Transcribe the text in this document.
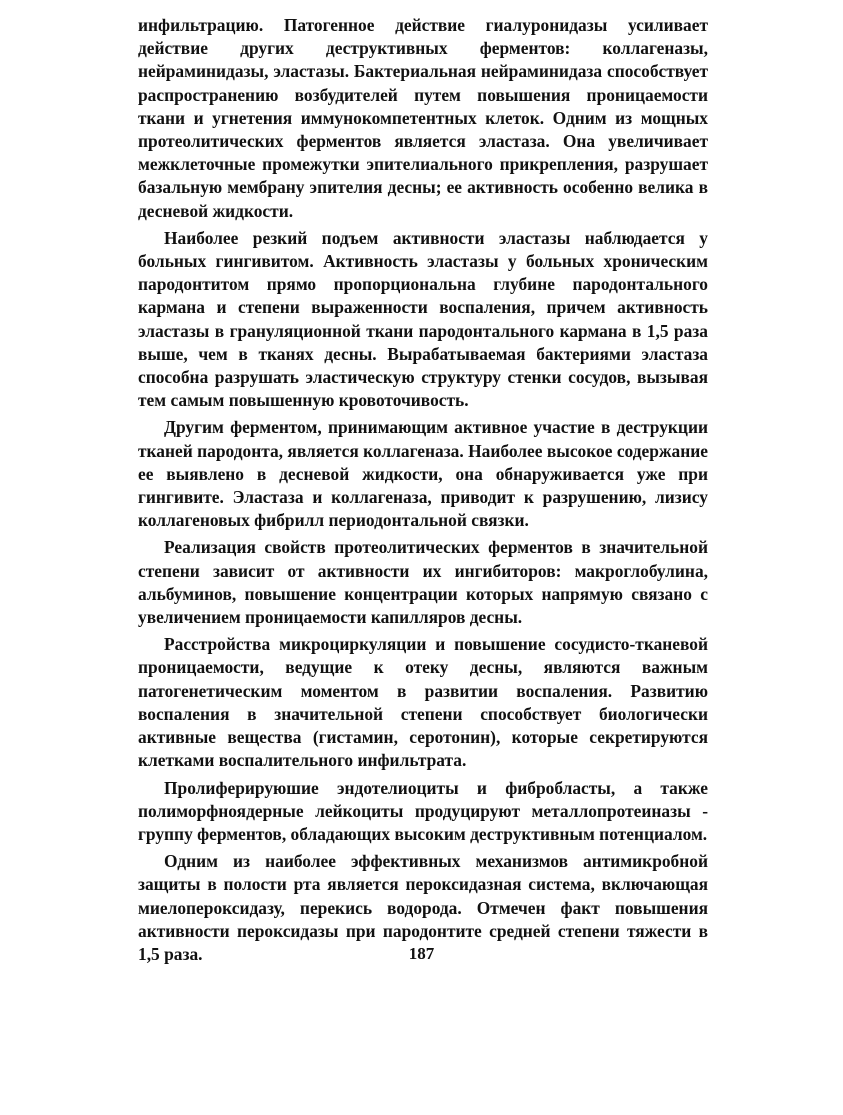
инфильтрацию. Патогенное действие гиалуронидазы усиливает действие других деструктивных ферментов: коллагеназы, нейраминидазы, эластазы. Бактериальная нейраминидаза способствует распространению возбудителей путем повышения проницаемости ткани и угнетения иммунокомпетентных клеток. Одним из мощных протеолитических ферментов является эластаза. Она увеличивает межклеточные промежутки эпителиального прикрепления, разрушает базальную мембрану эпителия десны; ее активность особенно велика в десневой жидкости.

Наиболее резкий подъем активности эластазы наблюдается у больных гингивитом. Активность эластазы у больных хроническим пародонтитом прямо пропорциональна глубине пародонтального кармана и степени выраженности воспаления, причем активность эластазы в грануляционной ткани пародонтального кармана в 1,5 раза выше, чем в тканях десны. Вырабатываемая бактериями эластаза способна разрушать эластическую структуру стенки сосудов, вызывая тем самым повышенную кровоточивость.

Другим ферментом, принимающим активное участие в деструкции тканей пародонта, является коллагеназа. Наиболее высокое содержание ее выявлено в десневой жидкости, она обнаруживается уже при гингивите. Эластаза и коллагеназа, приводит к разрушению, лизису коллагеновых фибрилл периодонтальной связки.

Реализация свойств протеолитических ферментов в значительной степени зависит от активности их ингибиторов: макроглобулина, альбуминов, повышение концентрации которых напрямую связано с увеличением проницаемости капилляров десны.

Расстройства микроциркуляции и повышение сосудисто-тканевой проницаемости, ведущие к отеку десны, являются важным патогенетическим моментом в развитии воспаления. Развитию воспаления в значительной степени способствует биологически активные вещества (гистамин, серотонин), которые секретируются клетками воспалительного инфильтрата.

Пролиферируюшие эндотелиоциты и фибробласты, а также полиморфноядерные лейкоциты продуцируют металлопротеиназы - группу ферментов, обладающих высоким деструктивным потенциалом.

Одним из наиболее эффективных механизмов антимикробной защиты в полости рта является пероксидазная система, включающая миелопероксидазу, перекись водорода. Отмечен факт повышения активности пероксидазы при пародонтите средней степени тяжести в 1,5 раза.	187
